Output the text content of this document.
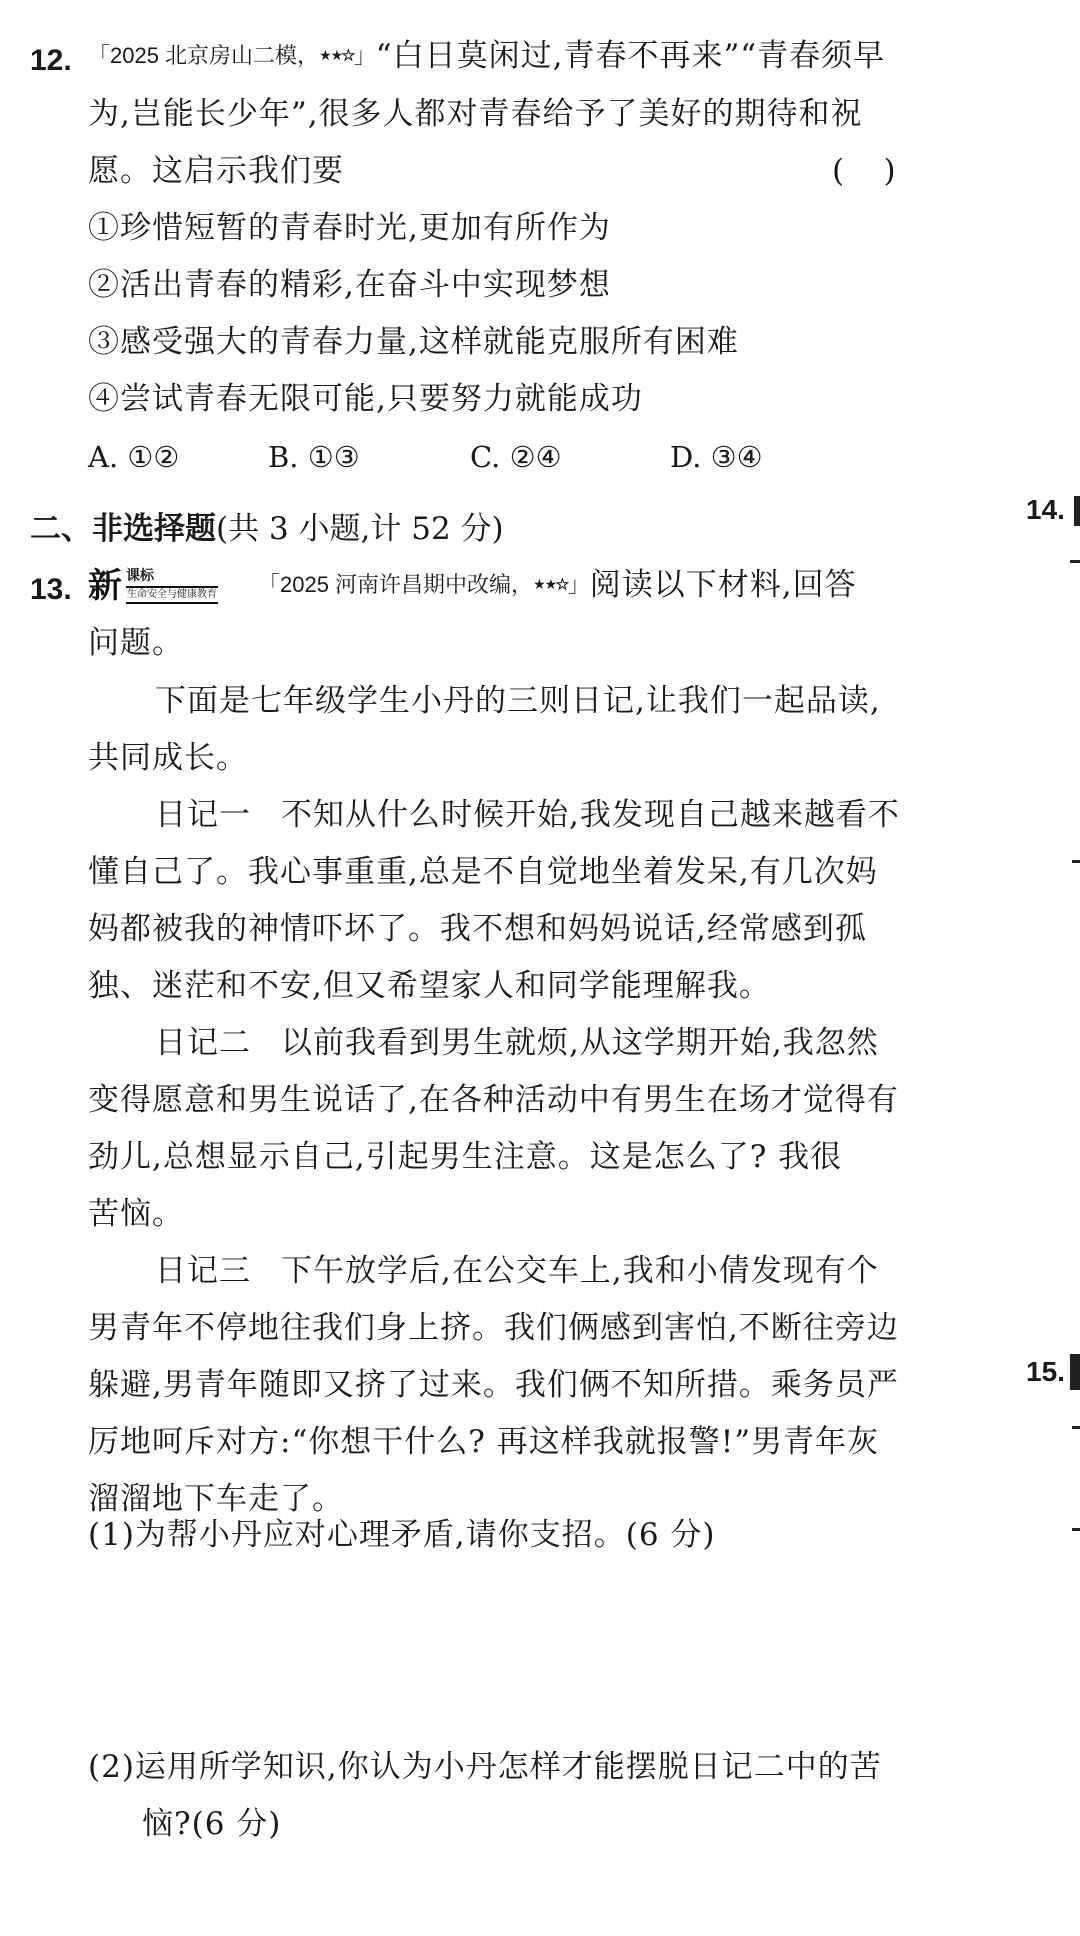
12. 「2025 北京房山二模，★★★」“白日莫闲过,青春不再来”“青春须早
为,岂能长少年”,很多人都对青春给予了美好的期待和祝
愿。这启示我们要	(    )
①珍惜短暂的青春时光,更加有所作为
②活出青春的精彩,在奋斗中实现梦想
③感受强大的青春力量,这样就能克服所有困难
④尝试青春无限可能,只要努力就能成功
A. ①②	B. ①③	C. ②④	D. ③④
二、非选择题(共 3 小题,计 52 分)
13. 新 课标
生命安全与健康教育 「2025 河南许昌期中改编，★★★」阅读以下材料,回答
问题。
下面是七年级学生小丹的三则日记,让我们一起品读,
共同成长。
日记一 不知从什么时候开始,我发现自己越来越看不
懂自己了。我心事重重,总是不自觉地坐着发呆,有几次妈
妈都被我的神情吓坏了。我不想和妈妈说话,经常感到孤
独、迷茫和不安,但又希望家人和同学能理解我。
日记二 以前我看到男生就烦,从这学期开始,我忽然
变得愿意和男生说话了,在各种活动中有男生在场才觉得有
劲儿,总想显示自己,引起男生注意。这是怎么了? 我很
苦恼。
日记三 下午放学后,在公交车上,我和小倩发现有个
男青年不停地往我们身上挤。我们俩感到害怕,不断往旁边
躲避,男青年随即又挤了过来。我们俩不知所措。乘务员严
厉地呵斥对方:“你想干什么? 再这样我就报警!”男青年灰
溜溜地下车走了。
(1)为帮小丹应对心理矛盾,请你支招。(6 分)
(2)运用所学知识,你认为小丹怎样才能摆脱日记二中的苦
恼?(6 分)
14.
15.
